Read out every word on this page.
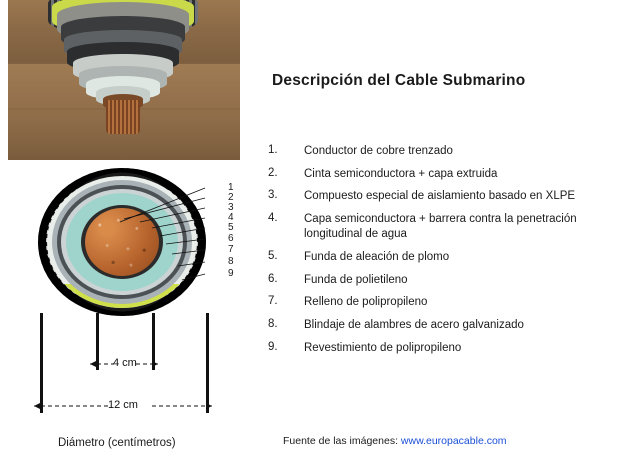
Descripción del Cable Submarino
1.	Conductor de cobre trenzado
2.	Cinta semiconductora + capa extruida
3.	Compuesto especial de aislamiento basado en XLPE
4.	Capa semiconductora + barrera contra la penetración longitudinal de agua
5.	Funda de aleación de plomo
6.	Funda de polietileno
7.	Relleno de polipropileno
8.	Blindaje de alambres de acero galvanizado
9.	Revestimiento de polipropileno
1
2
3
4
5
6
7
8
9
4 cm
12 cm
Diámetro (centímetros)	Fuente de las imágenes: www.europacable.com
